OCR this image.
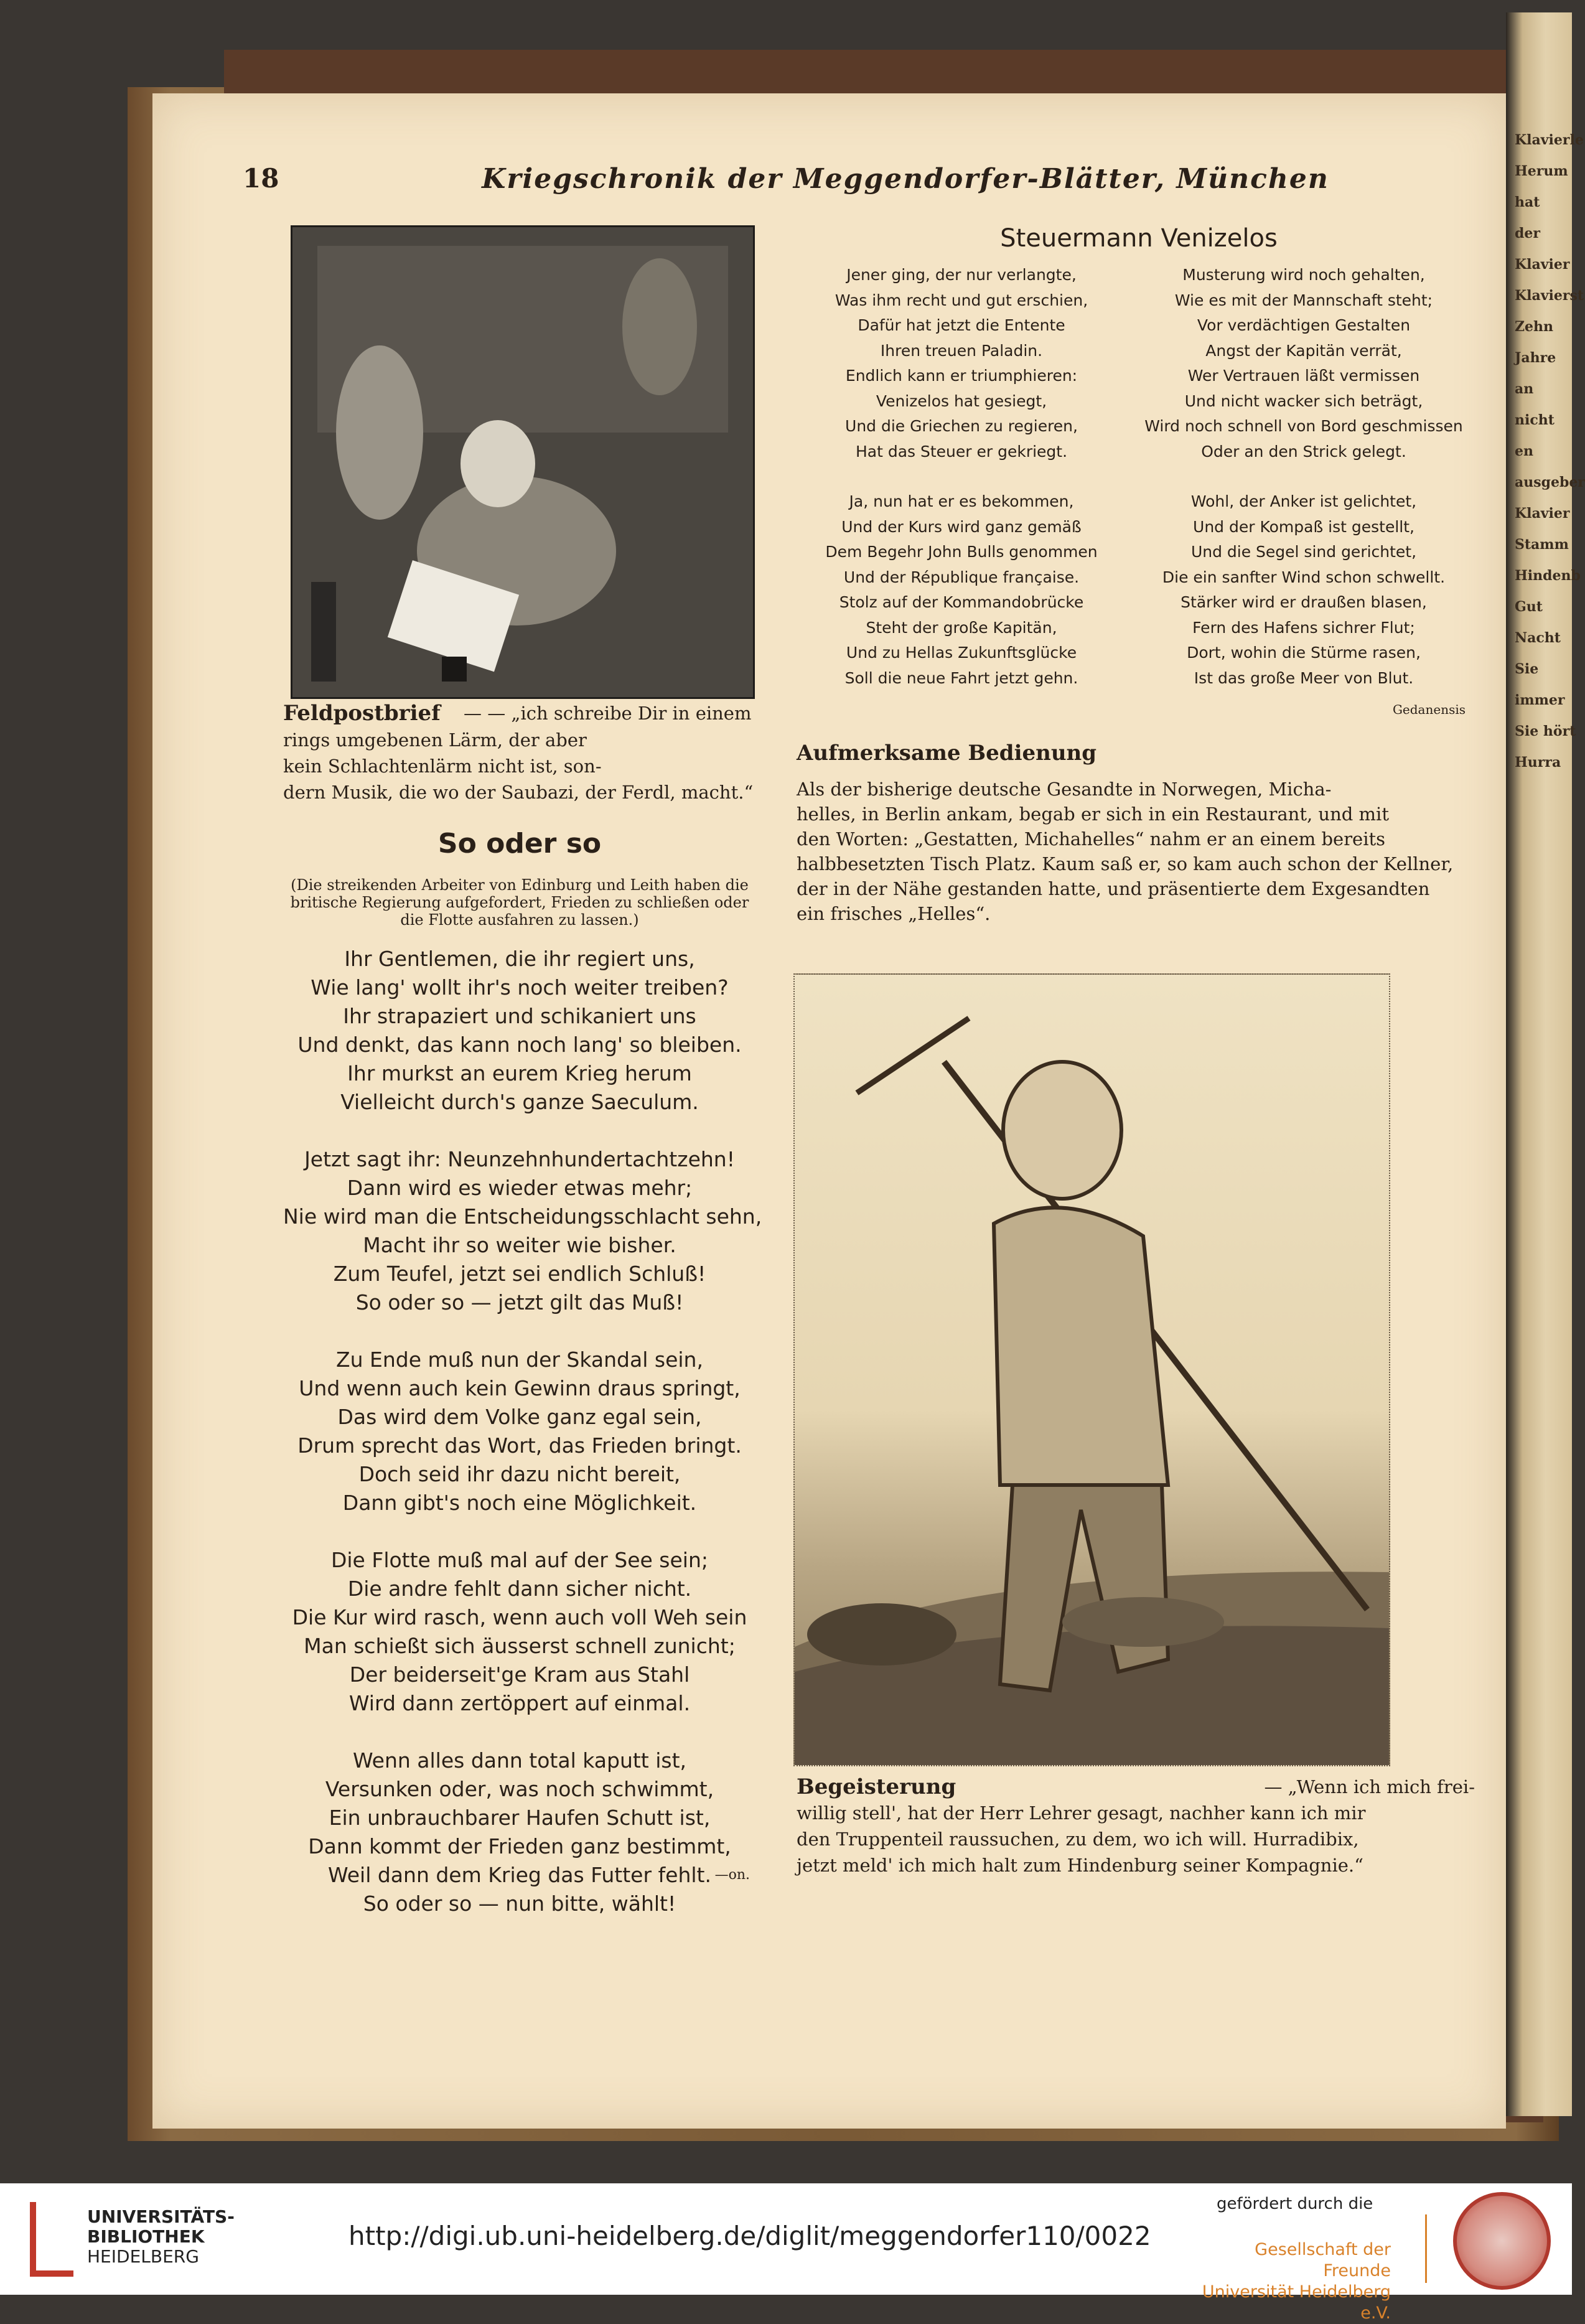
Klavierle
Herum hat
der Klavier
Klavierst
Zehn Jahre
an nicht en
ausgeber
Klavier
Stamm
Hindenb
Gut Nacht
Sie immer
Sie hört
Hurra
18	Kriegschronik der Meggendorfer-Blätter, München
Feldpostbrief — — „ich schreibe Dir in einem
rings umgebenen Lärm, der aber
kein Schlachtenlärm nicht ist, son-
dern Musik, die wo der Saubazi, der Ferdl, macht.“
So oder so
(Die streikenden Arbeiter von Edinburg und Leith haben die britische Regierung aufgefordert, Frieden zu schließen oder die Flotte ausfahren zu lassen.)
Ihr Gentlemen, die ihr regiert uns,
Wie lang' wollt ihr's noch weiter treiben?
Ihr strapaziert und schikaniert uns
Und denkt, das kann noch lang' so bleiben.
Ihr murkst an eurem Krieg herum
Vielleicht durch's ganze Saeculum.
Jetzt sagt ihr: Neunzehnhundertachtzehn!
Dann wird es wieder etwas mehr;
Nie wird man die Entscheidungsschlacht sehn,
Macht ihr so weiter wie bisher.
Zum Teufel, jetzt sei endlich Schluß!
So oder so — jetzt gilt das Muß!
Zu Ende muß nun der Skandal sein,
Und wenn auch kein Gewinn draus springt,
Das wird dem Volke ganz egal sein,
Drum sprecht das Wort, das Frieden bringt.
Doch seid ihr dazu nicht bereit,
Dann gibt's noch eine Möglichkeit.
Die Flotte muß mal auf der See sein;
Die andre fehlt dann sicher nicht.
Die Kur wird rasch, wenn auch voll Weh sein
Man schießt sich äusserst schnell zunicht;
Der beiderseit'ge Kram aus Stahl
Wird dann zertöppert auf einmal.
Wenn alles dann total kaputt ist,
Versunken oder, was noch schwimmt,
Ein unbrauchbarer Haufen Schutt ist,
Dann kommt der Frieden ganz bestimmt,
Weil dann dem Krieg das Futter fehlt.
So oder so — nun bitte, wählt!
—on.
Steuermann Venizelos
Jener ging, der nur verlangte,
Was ihm recht und gut erschien,
Dafür hat jetzt die Entente
Ihren treuen Paladin.
Endlich kann er triumphieren:
Venizelos hat gesiegt,
Und die Griechen zu regieren,
Hat das Steuer er gekriegt.
Ja, nun hat er es bekommen,
Und der Kurs wird ganz gemäß
Dem Begehr John Bulls genommen
Und der République française.
Stolz auf der Kommandobrücke
Steht der große Kapitän,
Und zu Hellas Zukunftsglücke
Soll die neue Fahrt jetzt gehn.
Musterung wird noch gehalten,
Wie es mit der Mannschaft steht;
Vor verdächtigen Gestalten
Angst der Kapitän verrät,
Wer Vertrauen läßt vermissen
Und nicht wacker sich beträgt,
Wird noch schnell von Bord geschmissen
Oder an den Strick gelegt.
Wohl, der Anker ist gelichtet,
Und der Kompaß ist gestellt,
Und die Segel sind gerichtet,
Die ein sanfter Wind schon schwellt.
Stärker wird er draußen blasen,
Fern des Hafens sichrer Flut;
Dort, wohin die Stürme rasen,
Ist das große Meer von Blut.
Gedanensis
Aufmerksame Bedienung
Als der bisherige deutsche Gesandte in Norwegen, Micha-
helles, in Berlin ankam, begab er sich in ein Restaurant, und mit
den Worten: „Gestatten, Michahelles“ nahm er an einem bereits
halbbesetzten Tisch Platz. Kaum saß er, so kam auch schon der Kellner,
der in der Nähe gestanden hatte, und präsentierte dem Exgesandten
ein frisches „Helles“.
Begeisterung	— „Wenn ich mich frei-
willig stell', hat der Herr Lehrer gesagt, nachher kann ich mir
den Truppenteil raussuchen, zu dem, wo ich will. Hurradibix,
jetzt meld' ich mich halt zum Hindenburg seiner Kompagnie.“
UNIVERSITÄTS-
BIBLIOTHEK
HEIDELBERG
http://digi.ub.uni-heidelberg.de/diglit/meggendorfer110/0022
gefördert durch die
Gesellschaft der Freunde
Universität Heidelberg e.V.
